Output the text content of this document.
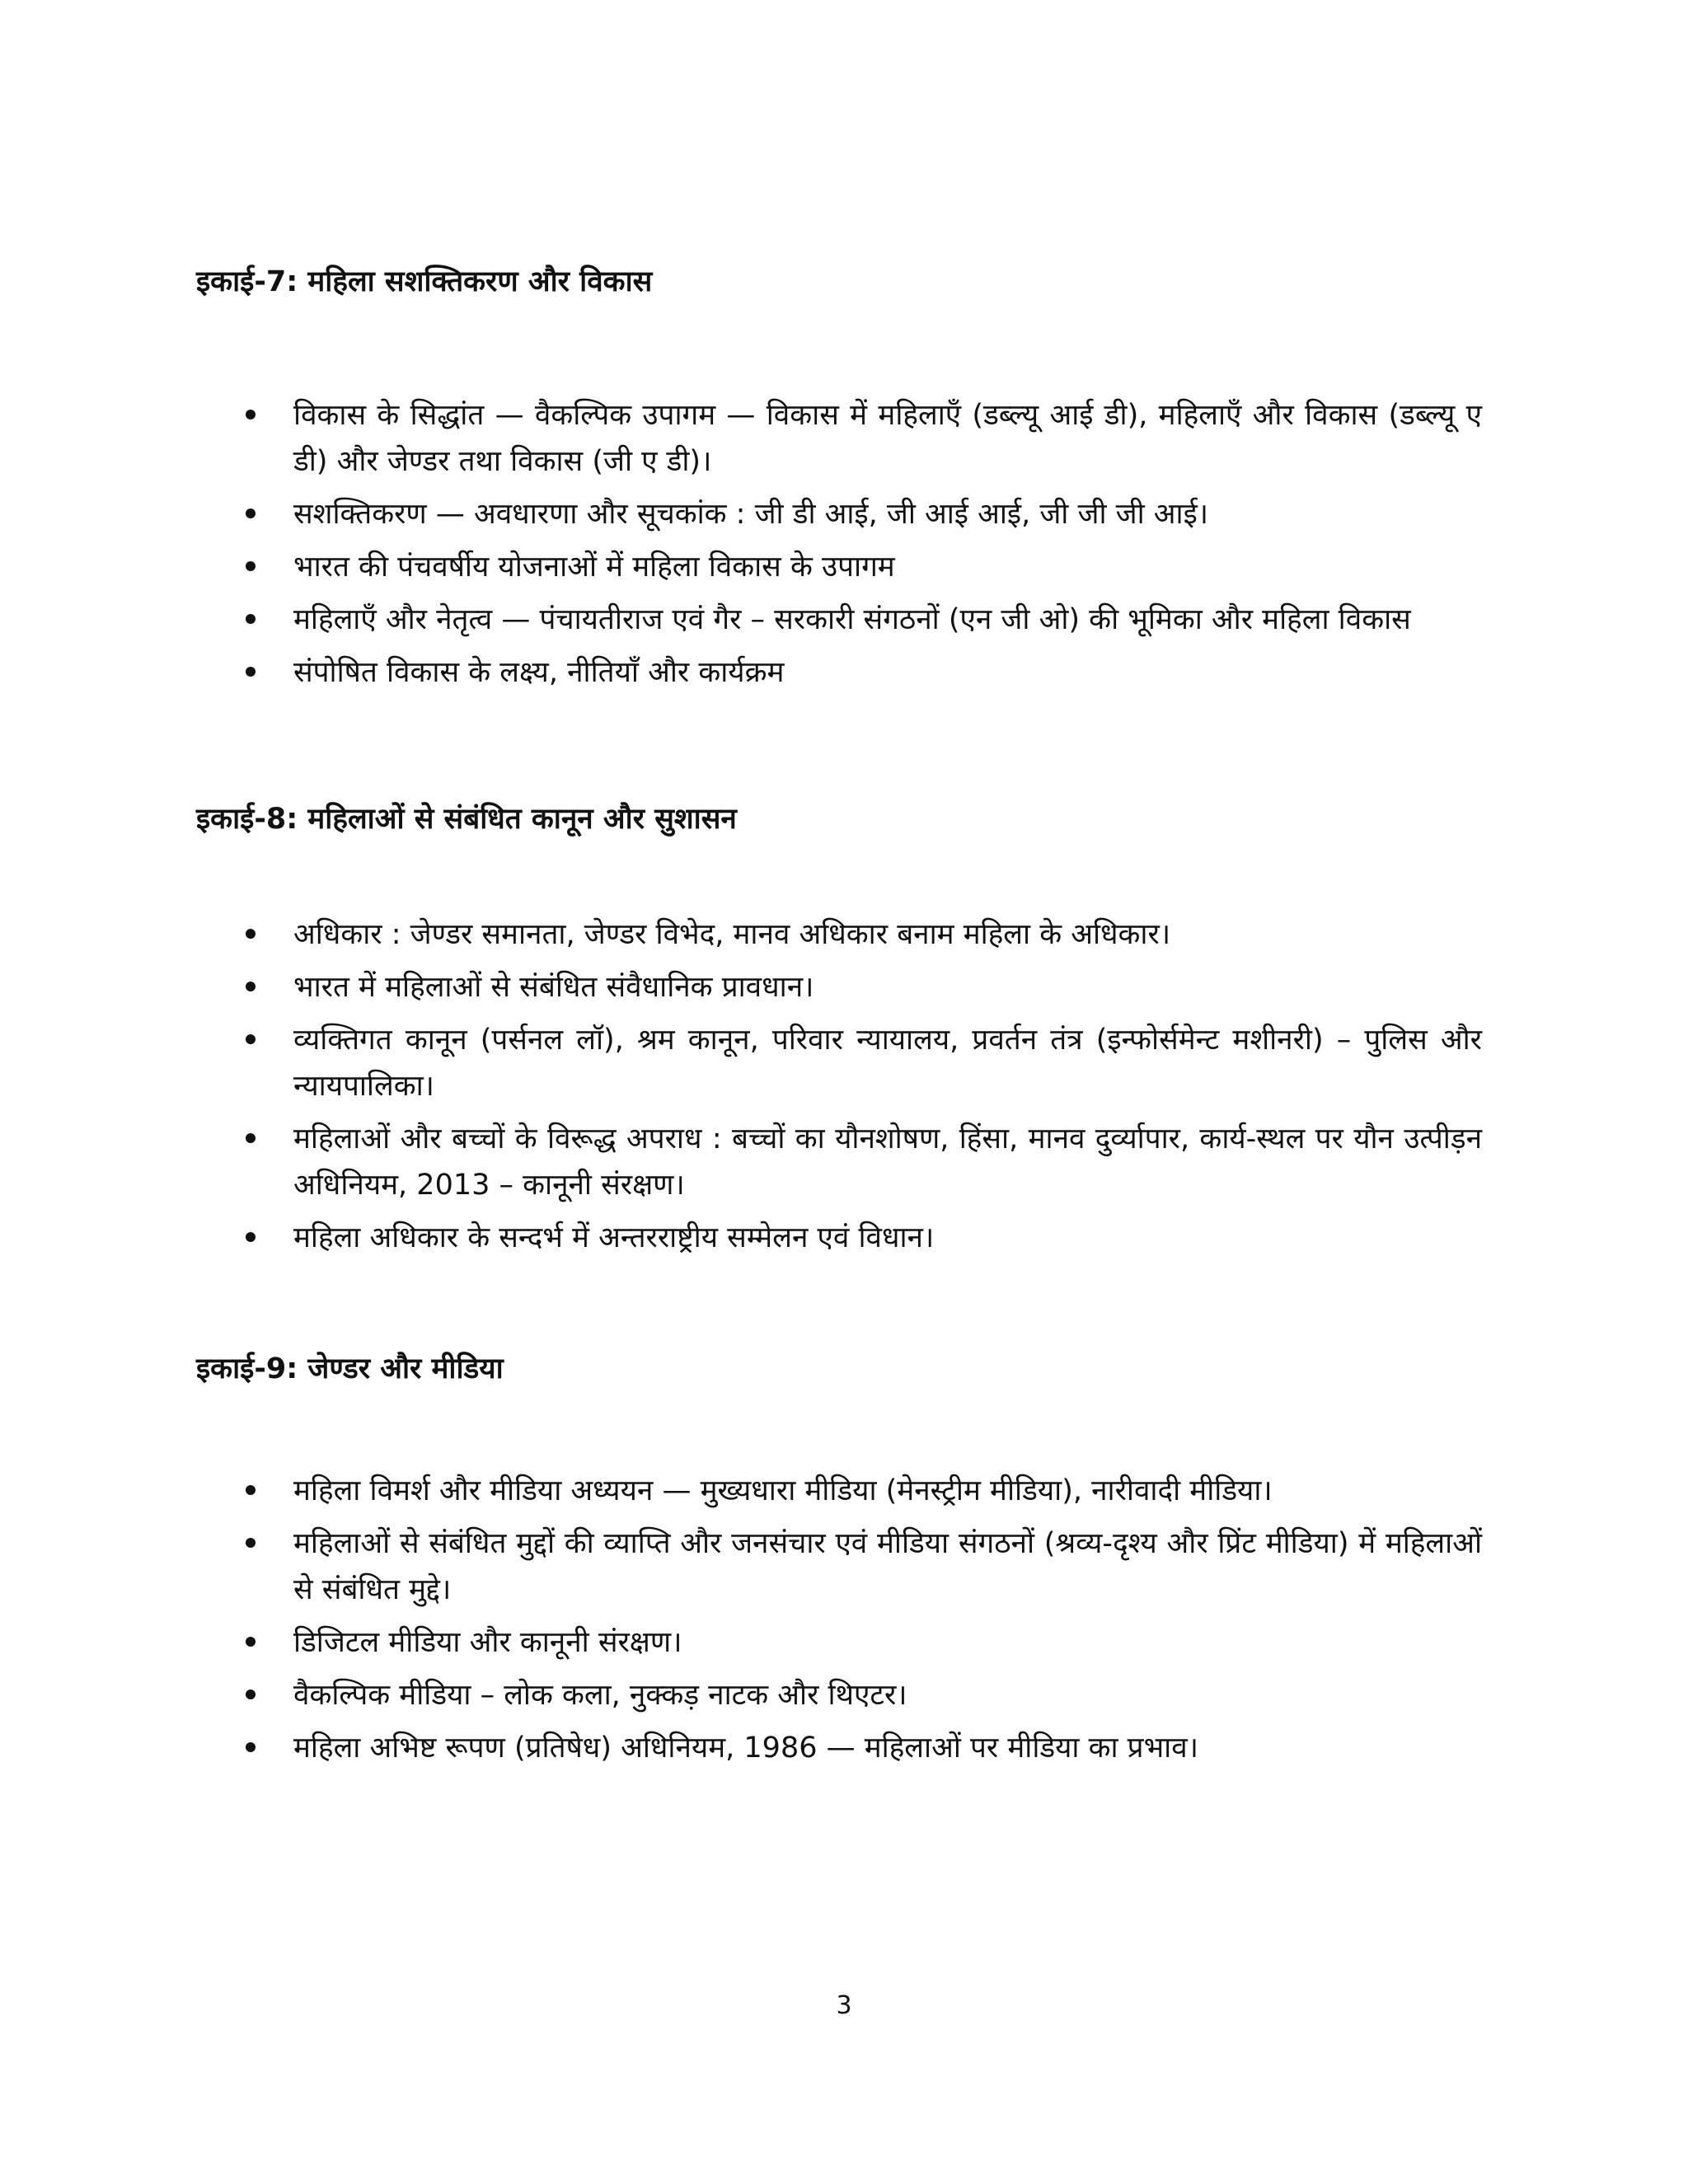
इकाई-7: महिला सशक्तिकरण और विकास
विकास के सिद्धांत — वैकल्पिक उपागम — विकास में महिलाएँ (डब्ल्यू आई डी), महिलाएँ और विकास (डब्ल्यू ए डी) और जेण्डर तथा विकास (जी ए डी)।
सशक्तिकरण — अवधारणा और सूचकांक : जी डी आई, जी आई आई, जी जी जी आई।
भारत की पंचवर्षीय योजनाओं में महिला विकास के उपागम
महिलाएँ और नेतृत्व — पंचायतीराज एवं गैर – सरकारी संगठनों (एन जी ओ) की भूमिका और महिला विकास
संपोषित विकास के लक्ष्य, नीतियाँ और कार्यक्रम
इकाई-8: महिलाओं से संबंधित कानून और सुशासन
अधिकार : जेण्डर समानता, जेण्डर विभेद, मानव अधिकार बनाम महिला के अधिकार।
भारत में महिलाओं से संबंधित संवैधानिक प्रावधान।
व्यक्तिगत कानून (पर्सनल लॉ), श्रम कानून, परिवार न्यायालय, प्रवर्तन तंत्र (इन्फोर्समेन्ट मशीनरी) – पुलिस और न्यायपालिका।
महिलाओं और बच्चों के विरूद्ध अपराध : बच्चों का यौनशोषण, हिंसा, मानव दुर्व्यापार, कार्य-स्थल पर यौन उत्पीड़न अधिनियम, 2013 – कानूनी संरक्षण।
महिला अधिकार के सन्दर्भ में अन्तरराष्ट्रीय सम्मेलन एवं विधान।
इकाई-9: जेण्डर और मीडिया
महिला विमर्श और मीडिया अध्ययन — मुख्यधारा मीडिया (मेनस्ट्रीम मीडिया), नारीवादी मीडिया।
महिलाओं से संबंधित मुद्दों की व्याप्ति और जनसंचार एवं मीडिया संगठनों (श्रव्य-दृश्य और प्रिंट मीडिया) में महिलाओं से संबंधित मुद्दे।
डिजिटल मीडिया और कानूनी संरक्षण।
वैकल्पिक मीडिया – लोक कला, नुक्कड़ नाटक और थिएटर।
महिला अभिष्ट रूपण (प्रतिषेध) अधिनियम, 1986 — महिलाओं पर मीडिया का प्रभाव।
3
